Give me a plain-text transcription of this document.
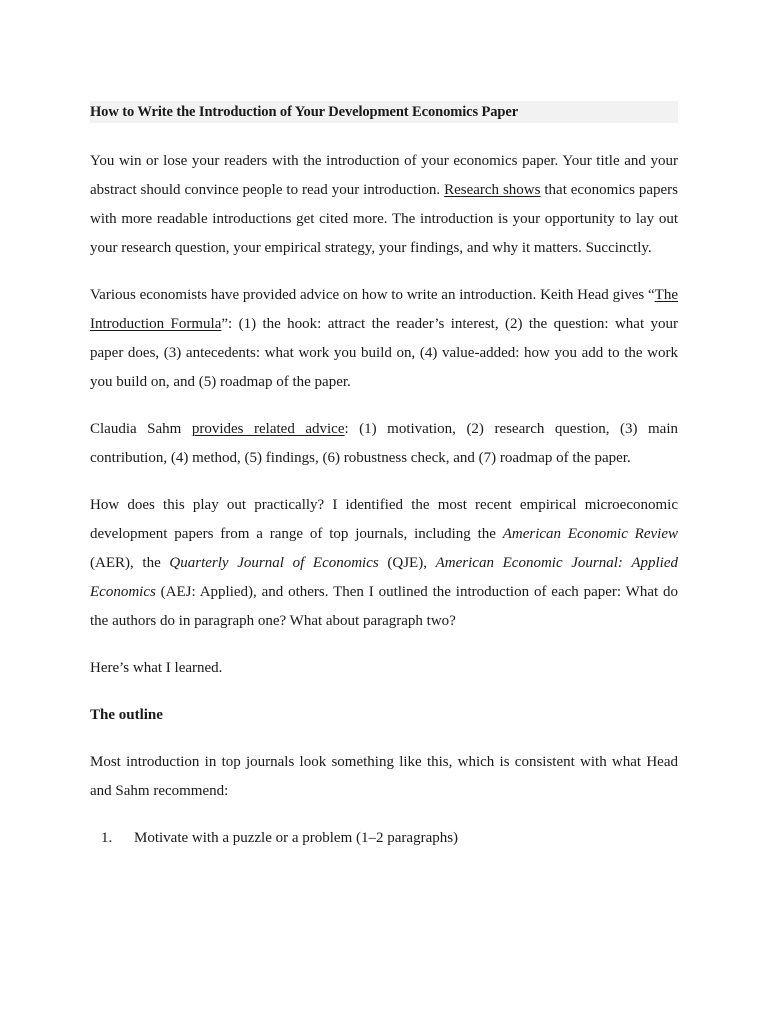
How to Write the Introduction of Your Development Economics Paper

You win or lose your readers with the introduction of your economics paper. Your title and your abstract should convince people to read your introduction. Research shows that economics papers with more readable introductions get cited more. The introduction is your opportunity to lay out your research question, your empirical strategy, your findings, and why it matters. Succinctly.

Various economists have provided advice on how to write an introduction. Keith Head gives “The Introduction Formula”: (1) the hook: attract the reader’s interest, (2) the question: what your paper does, (3) antecedents: what work you build on, (4) value-added: how you add to the work you build on, and (5) roadmap of the paper.

Claudia Sahm provides related advice: (1) motivation, (2) research question, (3) main contribution, (4) method, (5) findings, (6) robustness check, and (7) roadmap of the paper.

How does this play out practically? I identified the most recent empirical microeconomic development papers from a range of top journals, including the American Economic Review (AER), the Quarterly Journal of Economics (QJE), American Economic Journal: Applied Economics (AEJ: Applied), and others. Then I outlined the introduction of each paper: What do the authors do in paragraph one? What about paragraph two?

Here’s what I learned.

The outline

Most introduction in top journals look something like this, which is consistent with what Head and Sahm recommend:

1. Motivate with a puzzle or a problem (1–2 paragraphs)
